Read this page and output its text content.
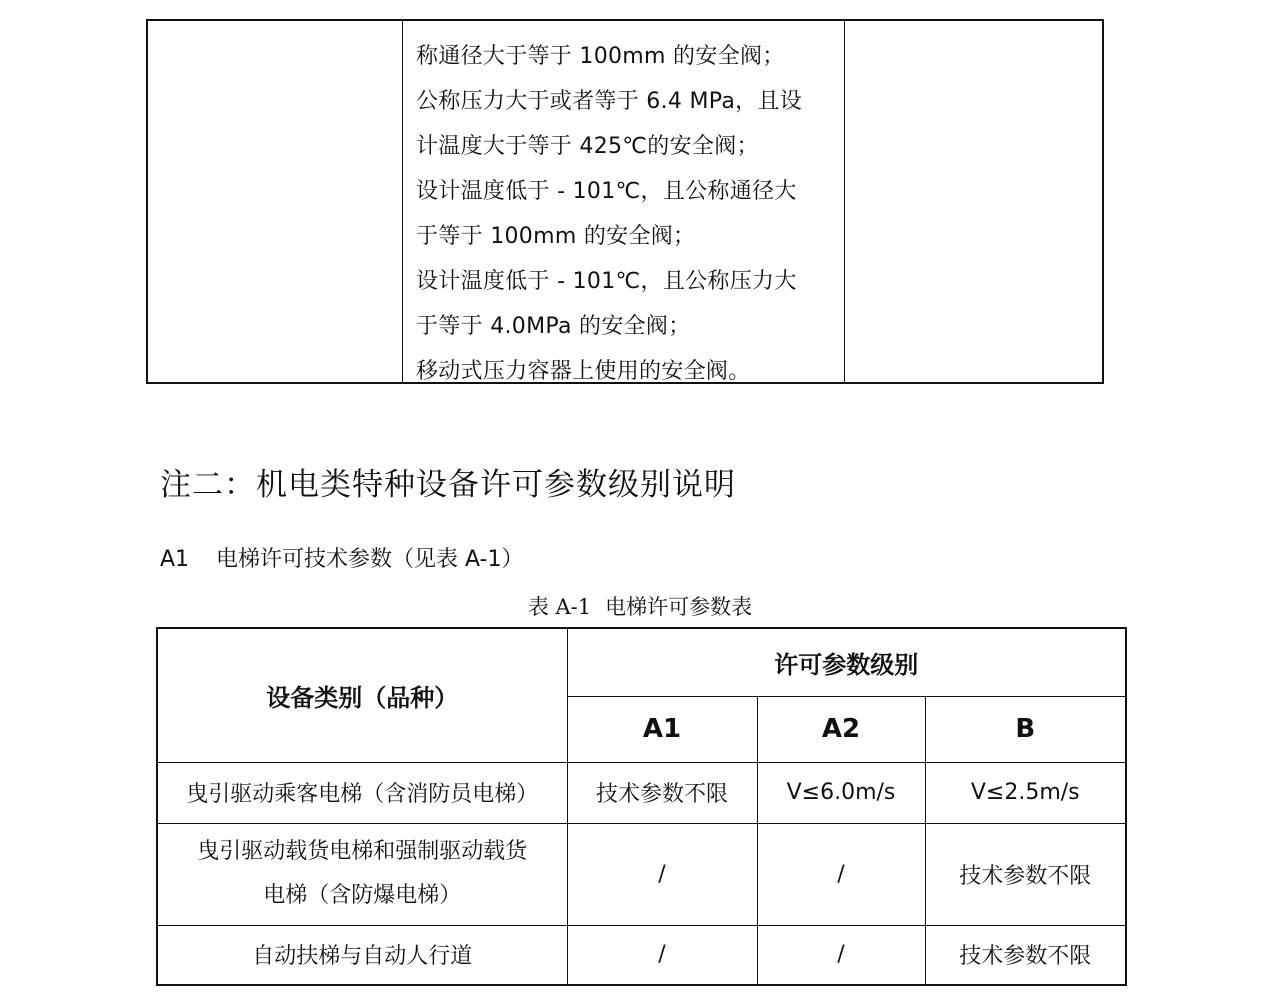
称通径大于等于 100mm 的安全阀；
公称压力大于或者等于 6.4 MPa，且设
计温度大于等于 425℃的安全阀；
设计温度低于 - 101℃，且公称通径大
于等于 100mm 的安全阀；
设计温度低于 - 101℃，且公称压力大
于等于 4.0MPa 的安全阀；
移动式压力容器上使用的安全阀。
注二：机电类特种设备许可参数级别说明
A1	电梯许可技术参数（见表 A-1）
表 A-1 电梯许可参数表
设备类别（品种）	许可参数级别		
	A1	A2	B
曳引驱动乘客电梯（含消防员电梯）	技术参数不限	V≤6.0m/s	V≤2.5m/s

曳引驱动载货电梯和强制驱动载货
电梯（含防爆电梯）	/	/	技术参数不限
自动扶梯与自动人行道	/	/	技术参数不限
